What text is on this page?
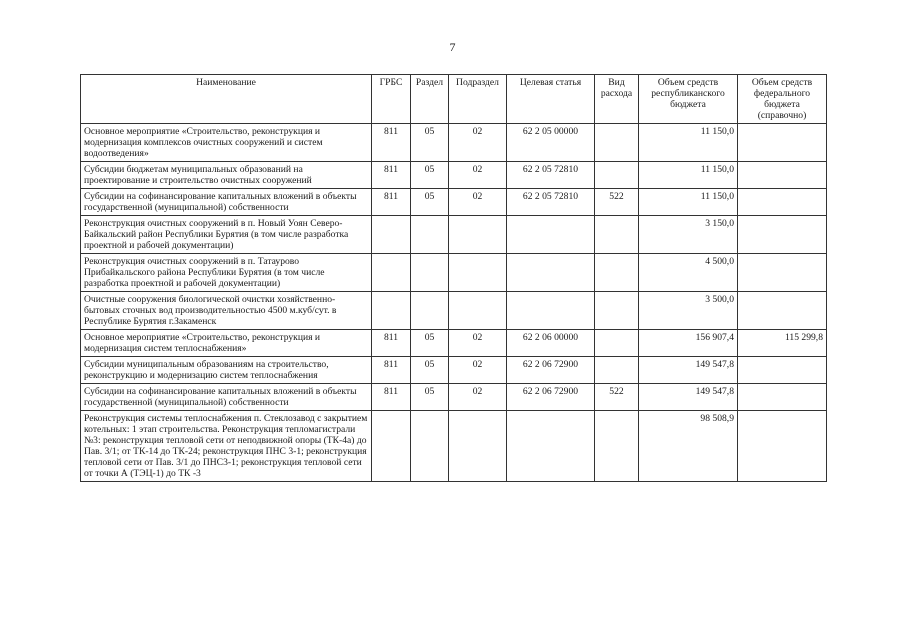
7
Наименование	ГРБС	Раздел	Подраздел	Целевая статья	Вид расхода	Объем средств республиканского бюджета	Объем средств федерального бюджета (справочно)
Основное мероприятие «Строительство, реконструкция и модернизация комплексов очистных сооружений и систем водоотведения»	811	05	02	62 2 05 00000		11 150,0	
Субсидии бюджетам муниципальных образований на проектирование и строительство очистных сооружений	811	05	02	62 2 05 72810		11 150,0	
Субсидии на софинансирование капитальных вложений в объекты государственной (муниципальной) собственности	811	05	02	62 2 05 72810	522	11 150,0	
Реконструкция очистных сооружений в п. Новый Уоян Северо-Байкальский район Республики Бурятия (в том числе разработка проектной и рабочей документации)						3 150,0	
Реконструкция очистных сооружений в п. Татаурово Прибайкальского района Республики Бурятия (в том числе разработка проектной и рабочей документации)						4 500,0	
Очистные сооружения биологической очистки хозяйственно-бытовых сточных вод производительностью 4500 м.куб/сут. в Республике Бурятия г.Закаменск						3 500,0	
Основное мероприятие «Строительство, реконструкция и модернизация систем теплоснабжения»	811	05	02	62 2 06 00000		156 907,4	115 299,8
Субсидии муниципальным образованиям на строительство, реконструкцию и модернизацию систем теплоснабжения	811	05	02	62 2 06 72900		149 547,8	
Субсидии на софинансирование капитальных вложений в объекты государственной (муниципальной) собственности	811	05	02	62 2 06 72900	522	149 547,8	
Реконструкция системы теплоснабжения п. Стеклозавод с закрытием котельных: 1 этап строительства. Реконструкция тепломагистрали №3: реконструкция тепловой сети от неподвижной опоры (ТК-4а) до Пав. 3/1; от ТК-14 до ТК-24; реконструкция ПНС 3-1; реконструкция тепловой сети от Пав. 3/1 до ПНС3-1; реконструкция тепловой сети от точки А (ТЭЦ-1) до ТК -3						98 508,9	
